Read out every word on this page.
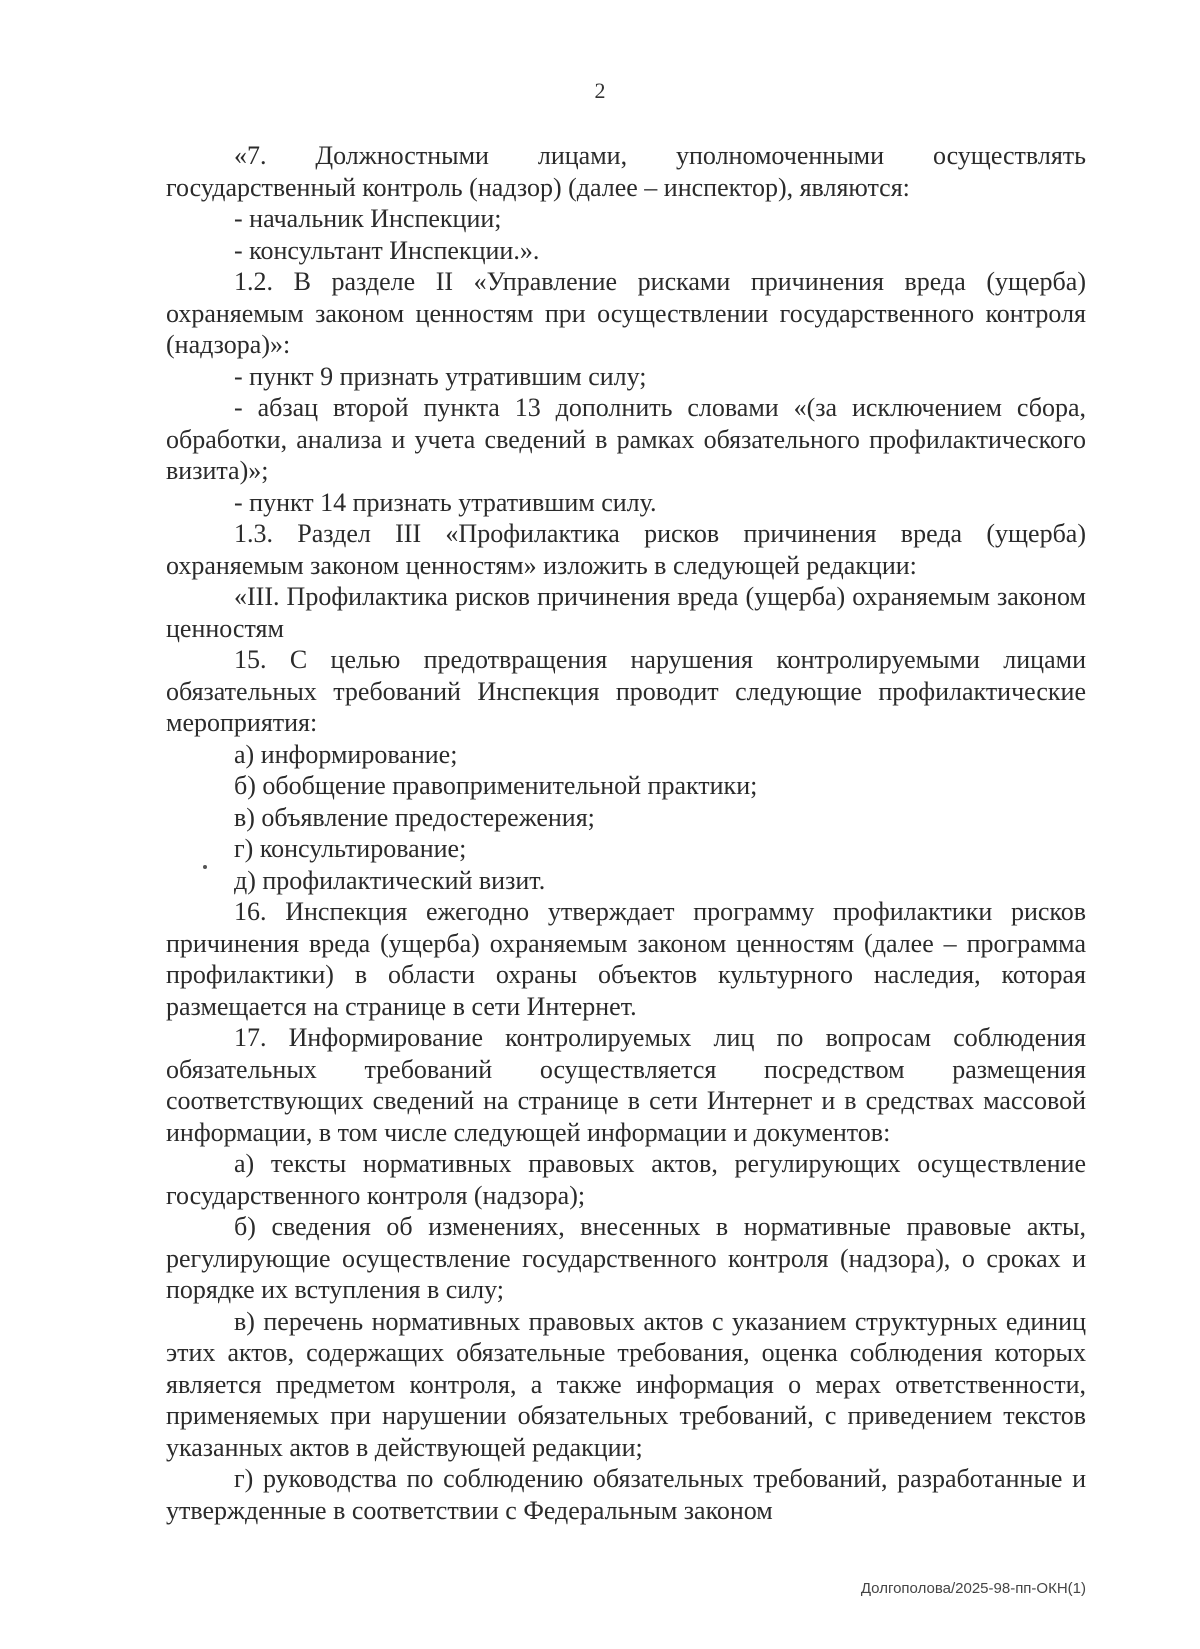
2

«7. Должностными лицами, уполномоченными осуществлять государственный контроль (надзор) (далее – инспектор), являются:

- начальник Инспекции;

- консультант Инспекции.».

1.2. В разделе II «Управление рисками причинения вреда (ущерба) охраняемым законом ценностям при осуществлении государственного контроля (надзора)»:

- пункт 9 признать утратившим силу;

- абзац второй пункта 13 дополнить словами «(за исключением сбора, обработки, анализа и учета сведений в рамках обязательного профилактического визита)»;

- пункт 14 признать утратившим силу.

1.3. Раздел III «Профилактика рисков причинения вреда (ущерба) охраняемым законом ценностям» изложить в следующей редакции:

«III. Профилактика рисков причинения вреда (ущерба) охраняемым законом ценностям

15. С целью предотвращения нарушения контролируемыми лицами обязательных требований Инспекция проводит следующие профилактические мероприятия:

а) информирование;

б) обобщение правоприменительной практики;

в) объявление предостережения;

г) консультирование;

д) профилактический визит.

16. Инспекция ежегодно утверждает программу профилактики рисков причинения вреда (ущерба) охраняемым законом ценностям (далее – программа профилактики) в области охраны объектов культурного наследия, которая размещается на странице в сети Интернет.

17. Информирование контролируемых лиц по вопросам соблюдения обязательных требований осуществляется посредством размещения соответствующих сведений на странице в сети Интернет и в средствах массовой информации, в том числе следующей информации и документов:

а) тексты нормативных правовых актов, регулирующих осуществление государственного контроля (надзора);

б) сведения об изменениях, внесенных в нормативные правовые акты, регулирующие осуществление государственного контроля (надзора), о сроках и порядке их вступления в силу;

в) перечень нормативных правовых актов с указанием структурных единиц этих актов, содержащих обязательные требования, оценка соблюдения которых является предметом контроля, а также информация о мерах ответственности, применяемых при нарушении обязательных требований, с приведением текстов указанных актов в действующей редакции;

г) руководства по соблюдению обязательных требований, разработанные и утвержденные в соответствии с Федеральным законом

Долгополова/2025-98-пп-ОКН(1)
